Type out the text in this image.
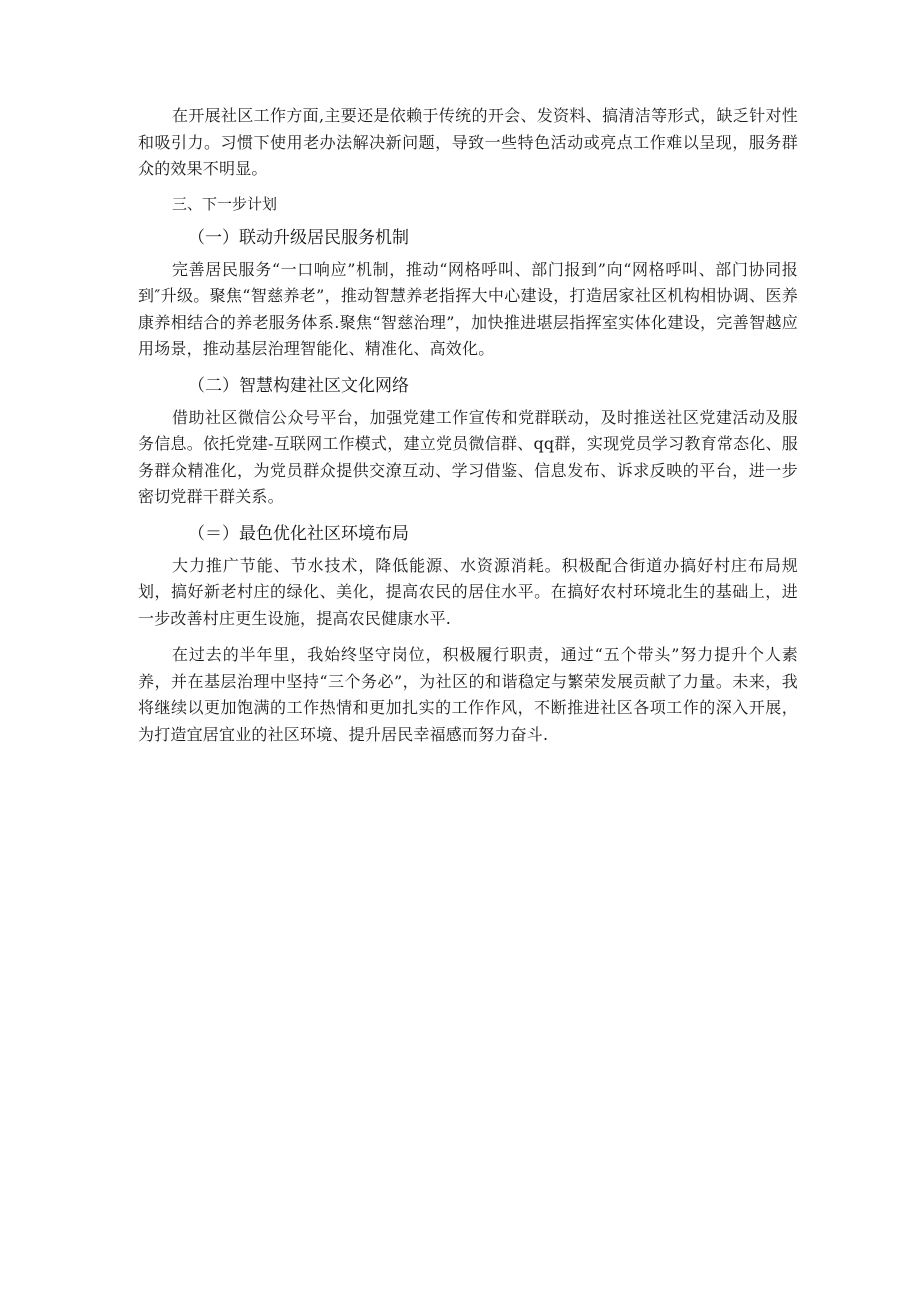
在开展社区工作方面,主要还是依赖于传统的开会、发资料、搞清洁等形式，缺乏针对性和吸引力。习惯下使用老办法解决新问题，导致一些特色活动或亮点工作难以呈现，服务群众的效果不明显。

三、下一步计划

（一）联动升级居民服务机制

完善居民服务“一口响应”机制，推动“网格呼叫、部门报到”向“网格呼叫、部门协同报到″升级。聚焦“智慈养老”，推动智慧养老指挥大中心建设，打造居家社区机构相协调、医养康养相结合的养老服务体系.聚焦“智慈治理”，加快推进堪层指挥室实体化建设，完善智越应用场景，推动基层治理智能化、精准化、高效化。

（二）智慧构建社区文化网络

借助社区微信公众号平台，加强党建工作宣传和党群联动，及时推送社区党建活动及服务信息。依托党建-互联网工作模式，建立党员微信群、qq群，实现党员学习教育常态化、服务群众精准化，为党员群众提供交潦互动、学习借鉴、信息发布、诉求反映的平台，进一步密切党群干群关系。

（＝）最色优化社区环境布局

大力推广节能、节水技术，降低能源、水资源消耗。积极配合街道办搞好村庄布局规划，搞好新老村庄的绿化、美化，提高农民的居住水平。在搞好农村环境北生的基础上，进一步改善村庄更生设施，提高农民健康水平.

在过去的半年里，我始终坚守岗位，积极履行职责，通过“五个带头”努力提升个人素养，并在基层治理中坚持“三个务必”，为社区的和谐稳定与繁荣发展贡献了力量。未来，我将继续以更加饱满的工作热情和更加扎实的工作作风，不断推进社区各项工作的深入开展，为打造宜居宜业的社区环境、提升居民幸福感而努力奋斗.
